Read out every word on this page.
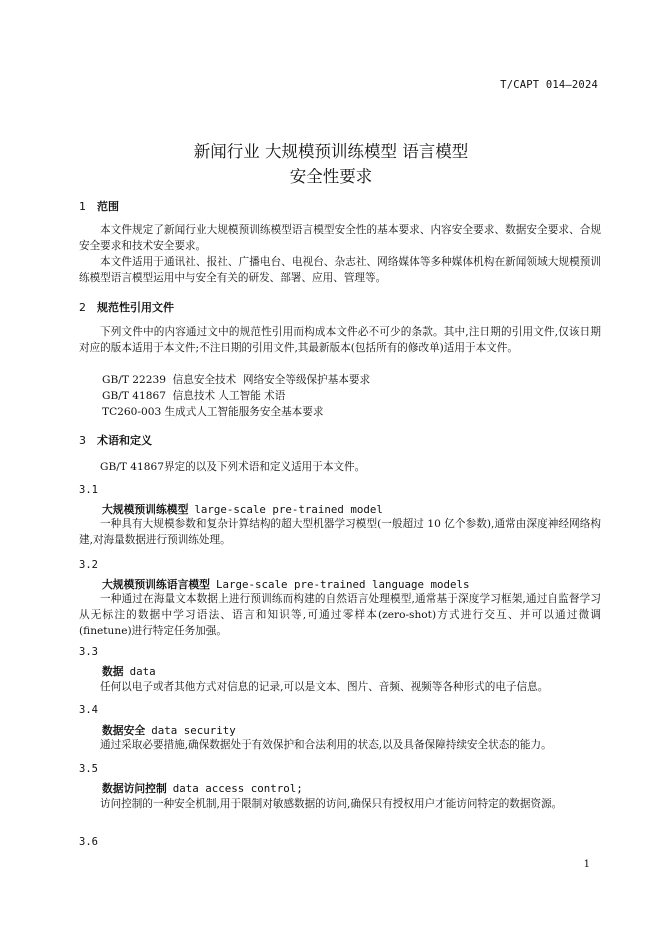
T/CAPT 014—2024
新闻行业 大规模预训练模型 语言模型
安全性要求
1 范围

本文件规定了新闻行业大规模预训练模型语言模型安全性的基本要求、内容安全要求、数据安全要求、合规安全要求和技术安全要求。

本文件适用于通讯社、报社、广播电台、电视台、杂志社、网络媒体等多种媒体机构在新闻领域大规模预训练模型语言模型运用中与安全有关的研发、部署、应用、管理等。

2 规范性引用文件

下列文件中的内容通过文中的规范性引用而构成本文件必不可少的条款。其中,注日期的引用文件,仅该日期对应的版本适用于本文件;不注日期的引用文件,其最新版本(包括所有的修改单)适用于本文件。

GB/T 22239  信息安全技术  网络安全等级保护基本要求
GB/T 41867  信息技术 人工智能 术语
TC260-003 生成式人工智能服务安全基本要求
3 术语和定义

GB/T 41867界定的以及下列术语和定义适用于本文件。

3.1
大规模预训练模型 large-scale pre-trained model

一种具有大规模参数和复杂计算结构的超大型机器学习模型(一般超过 10 亿个参数),通常由深度神经网络构建,对海量数据进行预训练处理。

3.2
大规模预训练语言模型 Large-scale pre-trained language models

一种通过在海量文本数据上进行预训练而构建的自然语言处理模型,通常基于深度学习框架,通过自监督学习从无标注的数据中学习语法、语言和知识等,可通过零样本(zero-shot)方式进行交互、并可以通过微调(finetune)进行特定任务加强。

3.3
数据 data

任何以电子或者其他方式对信息的记录,可以是文本、图片、音频、视频等各种形式的电子信息。

3.4
数据安全 data security

通过采取必要措施,确保数据处于有效保护和合法利用的状态,以及具备保障持续安全状态的能力。

3.5
数据访问控制 data access control;

访问控制的一种安全机制,用于限制对敏感数据的访问,确保只有授权用户才能访问特定的数据资源。

3.6
1
